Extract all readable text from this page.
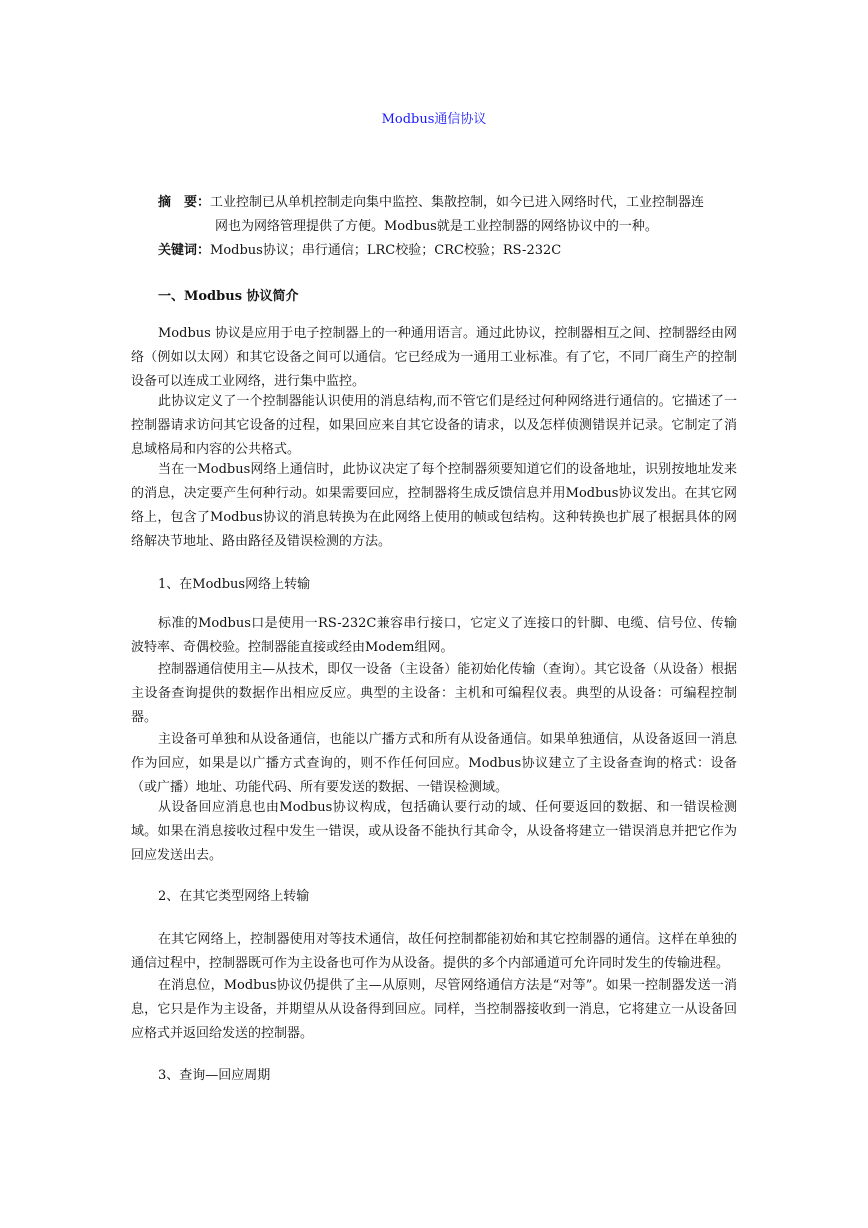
Modbus通信协议
摘　要：工业控制已从单机控制走向集中监控、集散控制，如今已进入网络时代，工业控制器连
网也为网络管理提供了方便。Modbus就是工业控制器的网络协议中的一种。
关键词：Modbus协议；串行通信；LRC校验；CRC校验；RS-232C
一、Modbus 协议简介

Modbus 协议是应用于电子控制器上的一种通用语言。通过此协议，控制器相互之间、控制器经由网络（例如以太网）和其它设备之间可以通信。它已经成为一通用工业标准。有了它，不同厂商生产的控制设备可以连成工业网络，进行集中监控。

此协议定义了一个控制器能认识使用的消息结构,而不管它们是经过何种网络进行通信的。它描述了一控制器请求访问其它设备的过程，如果回应来自其它设备的请求，以及怎样侦测错误并记录。它制定了消息域格局和内容的公共格式。

当在一Modbus网络上通信时，此协议决定了每个控制器须要知道它们的设备地址，识别按地址发来的消息，决定要产生何种行动。如果需要回应，控制器将生成反馈信息并用Modbus协议发出。在其它网络上，包含了Modbus协议的消息转换为在此网络上使用的帧或包结构。这种转换也扩展了根据具体的网络解决节地址、路由路径及错误检测的方法。

1、在Modbus网络上转输

标准的Modbus口是使用一RS-232C兼容串行接口，它定义了连接口的针脚、电缆、信号位、传输波特率、奇偶校验。控制器能直接或经由Modem组网。

控制器通信使用主—从技术，即仅一设备（主设备）能初始化传输（查询）。其它设备（从设备）根据主设备查询提供的数据作出相应反应。典型的主设备：主机和可编程仪表。典型的从设备：可编程控制器。

主设备可单独和从设备通信，也能以广播方式和所有从设备通信。如果单独通信，从设备返回一消息作为回应，如果是以广播方式查询的，则不作任何回应。Modbus协议建立了主设备查询的格式：设备（或广播）地址、功能代码、所有要发送的数据、一错误检测域。

从设备回应消息也由Modbus协议构成，包括确认要行动的域、任何要返回的数据、和一错误检测域。如果在消息接收过程中发生一错误，或从设备不能执行其命令，从设备将建立一错误消息并把它作为回应发送出去。

2、在其它类型网络上转输

在其它网络上，控制器使用对等技术通信，故任何控制都能初始和其它控制器的通信。这样在单独的通信过程中，控制器既可作为主设备也可作为从设备。提供的多个内部通道可允许同时发生的传输进程。

在消息位，Modbus协议仍提供了主—从原则，尽管网络通信方法是“对等”。如果一控制器发送一消息，它只是作为主设备，并期望从从设备得到回应。同样，当控制器接收到一消息，它将建立一从设备回应格式并返回给发送的控制器。

3、查询—回应周期
